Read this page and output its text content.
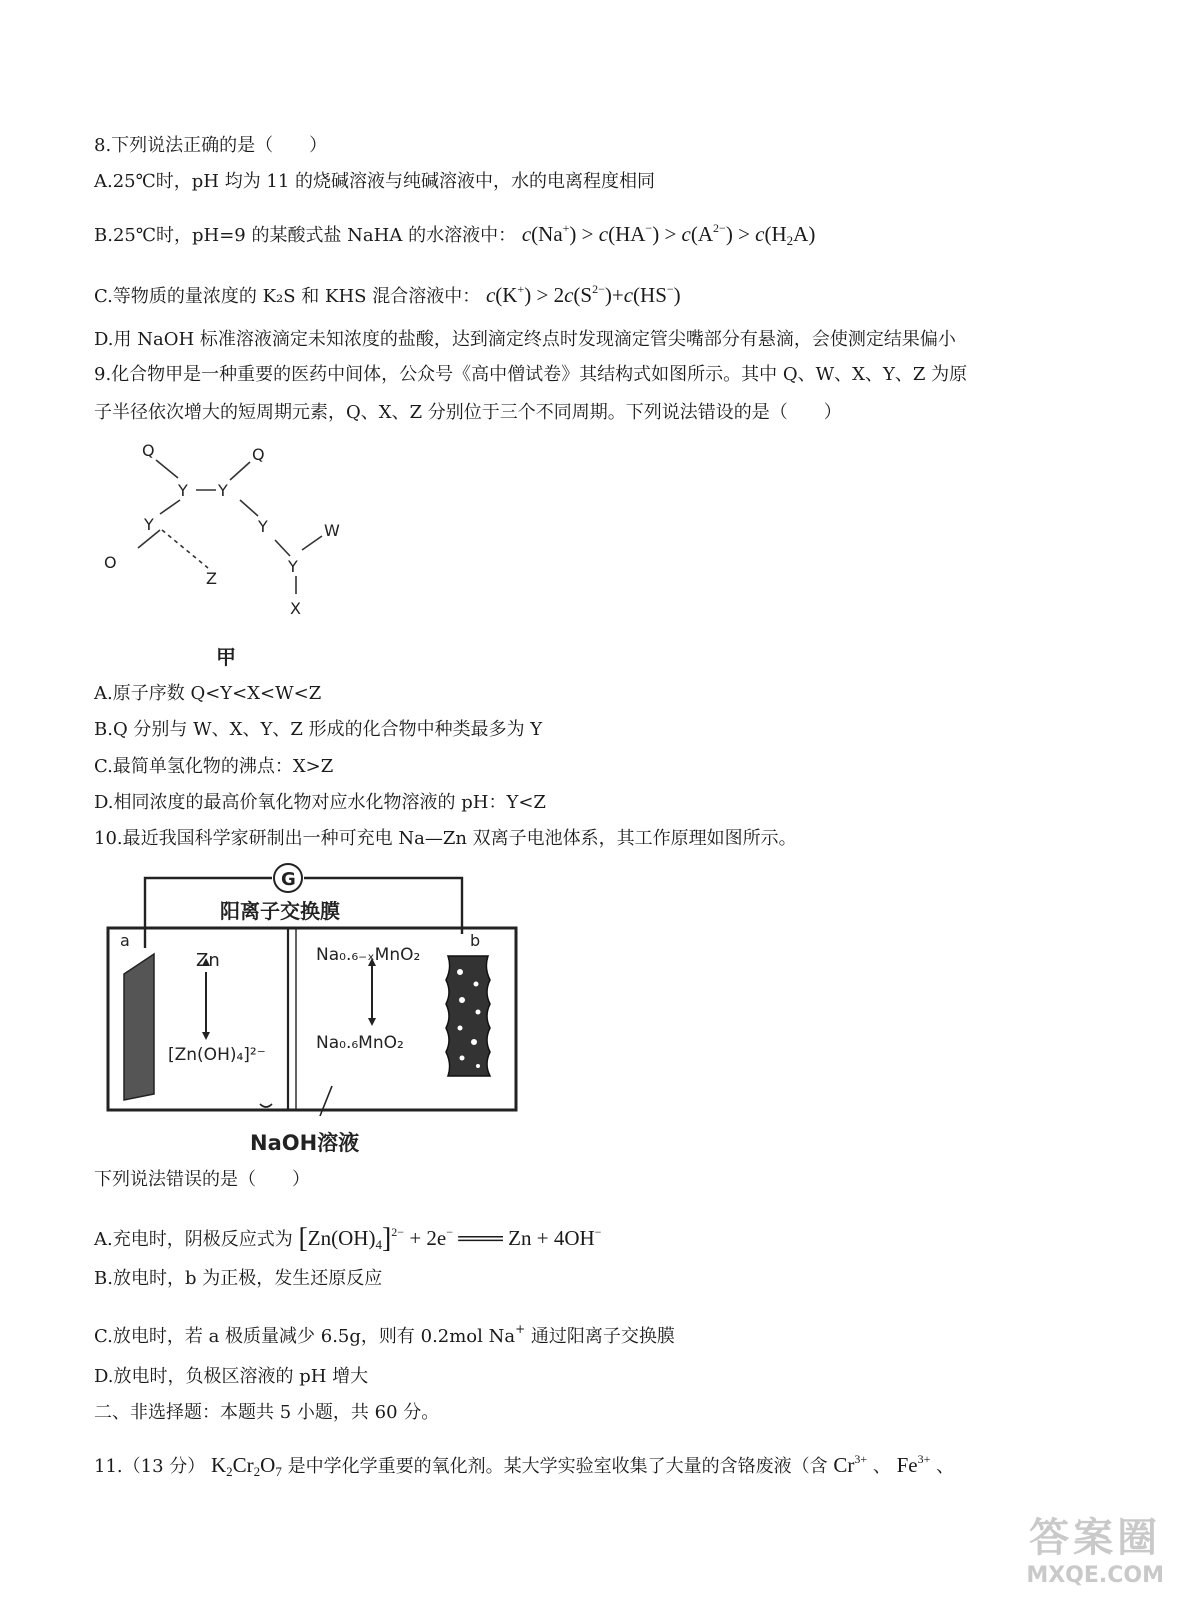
8.下列说法正确的是（　　）
A.25℃时，pH 均为 11 的烧碱溶液与纯碱溶液中，水的电离程度相同
B.25℃时，pH=9 的某酸式盐 NaHA 的水溶液中： $c(Na^+) > c(HA^-) > c(A^{2-}) > c(H_2A)$
C.等物质的量浓度的 K₂S 和 KHS 混合溶液中： $c(K^+) > 2c(S^{2-})+c(HS^-)$
D.用 NaOH 标准溶液滴定未知浓度的盐酸，达到滴定终点时发现滴定管尖嘴部分有悬滴，会使测定结果偏小
9.化合物甲是一种重要的医药中间体，公众号《高中僧试卷》其结构式如图所示。其中 Q、W、X、Y、Z 为原
子半径依次增大的短周期元素，Q、X、Z 分别位于三个不同周期。下列说法错设的是（　　）
Q	Q
Y Y
Y	Y
Y
W
X
Z
O
甲
A.原子序数 Q<Y<X<W<Z
B.Q 分别与 W、X、Y、Z 形成的化合物中种类最多为 Y
C.最简单氢化物的沸点：X>Z
D.相同浓度的最高价氧化物对应水化物溶液的 pH：Y<Z
10.最近我国科学家研制出一种可充电 Na—Zn 双离子电池体系，其工作原理如图所示。
G
阳离子交换膜
a	b
Zn
[Zn(OH)₄]²⁻
Na₀.₆₋ₓMnO₂
Na₀.₆MnO₂
NaOH溶液
下列说法错误的是（　　）
A.充电时，阴极反应式为 $[Zn(OH)_4]^{2-} + 2e^-$ ═══ Zn + 4OH−
B.放电时，b 为正极，发生还原反应
C.放电时，若 a 极质量减少 6.5g，则有 0.2mol Na+ 通过阳离子交换膜
D.放电时，负极区溶液的 pH 增大
二、非选择题：本题共 5 小题，共 60 分。
11.（13 分） $K_2Cr_2O_7$ 是中学化学重要的氧化剂。某大学实验室收集了大量的含铬废液（含 $Cr^{3+}$ 、 $Fe^{3+}$ 、
答案圈
MXQE.COM
